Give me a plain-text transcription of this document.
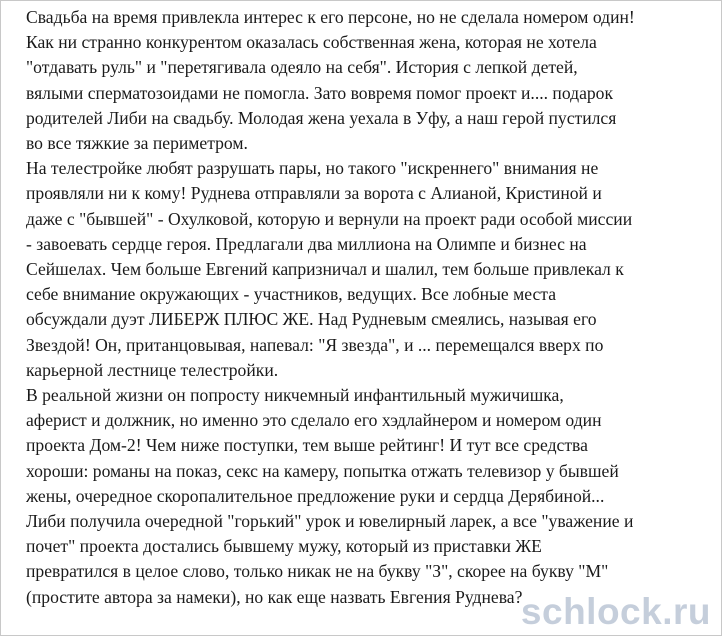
Свадьба на время привлекла интерес к его персоне, но не сделала номером один!
Как ни странно конкурентом оказалась собственная жена, которая не хотела
"отдавать руль" и "перетягивала одеяло на себя". История с лепкой детей,
вялыми сперматозоидами не помогла. Зато вовремя помог проект и.... подарок
родителей Либи на свадьбу. Молодая жена уехала в Уфу, а наш герой пустился
во все тяжкие за периметром.
На телестройке любят разрушать пары, но такого "искреннего" внимания не
проявляли ни к кому! Руднева отправляли за ворота с Алианой, Кристиной и
даже с "бывшей" - Охулковой, которую и вернули на проект ради особой миссии
- завоевать сердце героя. Предлагали два миллиона на Олимпе и бизнес на
Сейшелах. Чем больше Евгений капризничал и шалил, тем больше привлекал к
себе внимание окружающих - участников, ведущих. Все лобные места
обсуждали дуэт ЛИБЕРЖ ПЛЮС ЖЕ. Над Рудневым смеялись, называя его
Звездой! Он, пританцовывая, напевал: "Я звезда", и ... перемещался вверх по
карьерной лестнице телестройки.
В реальной жизни он попросту никчемный инфантильный мужичишка,
аферист и должник, но именно это сделало его хэдлайнером и номером один
проекта Дом-2! Чем ниже поступки, тем выше рейтинг! И тут все средства
хороши: романы на показ, секс на камеру, попытка отжать телевизор у бывшей
жены, очередное скоропалительное предложение руки и сердца Дерябиной...
Либи получила очередной "горький" урок и ювелирный ларек, а все "уважение и
почет" проекта достались бывшему мужу, который из приставки ЖЕ
превратился в целое слово, только никак не на букву "З", скорее на букву "М"
(простите автора за намеки), но как еще назвать Евгения Руднева?
schlock.ru
